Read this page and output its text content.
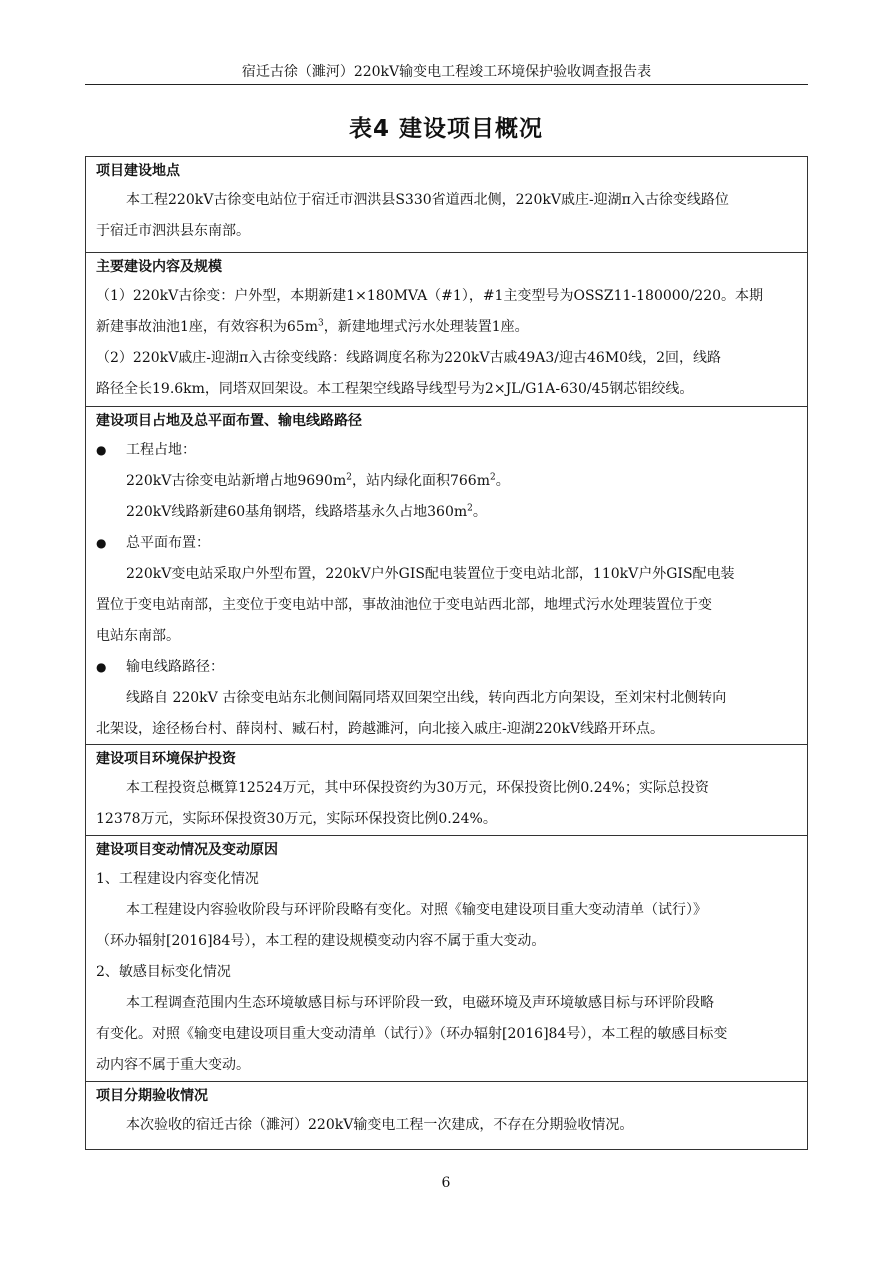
宿迁古徐（濉河）220kV输变电工程竣工环境保护验收调查报告表
表4 建设项目概况
项目建设地点

本工程220kV古徐变电站位于宿迁市泗洪县S330省道西北侧，220kV戚庄-迎湖π入古徐变线路位

于宿迁市泗洪县东南部。

主要建设内容及规模

（1）220kV古徐变：户外型，本期新建1×180MVA（#1），#1主变型号为OSSZ11-180000/220。本期

新建事故油池1座，有效容积为$65m^3$，新建地埋式污水处理装置1座。

（2）220kV戚庄-迎湖π入古徐变线路：线路调度名称为220kV古戚49A3/迎古46M0线，2回，线路

路径全长19.6km，同塔双回架设。本工程架空线路导线型号为2×JL/G1A-630/45钢芯铝绞线。

建设项目占地及总平面布置、输电线路路径
●	工程占地：

220kV古徐变电站新增占地$9690m^2$，站内绿化面积$766m^2$。

220kV线路新建60基角钢塔，线路塔基永久占地$360m^2$。

●	总平面布置：

220kV变电站采取户外型布置，220kV户外GIS配电装置位于变电站北部，110kV户外GIS配电装

置位于变电站南部，主变位于变电站中部，事故油池位于变电站西北部，地埋式污水处理装置位于变

电站东南部。

●	输电线路路径：

线路自 220kV 古徐变电站东北侧间隔同塔双回架空出线，转向西北方向架设，至刘宋村北侧转向

北架设，途径杨台村、薛岗村、臧石村，跨越濉河，向北接入戚庄-迎湖220kV线路开环点。

建设项目环境保护投资

本工程投资总概算12524万元，其中环保投资约为30万元，环保投资比例0.24%；实际总投资

12378万元，实际环保投资30万元，实际环保投资比例0.24%。

建设项目变动情况及变动原因

1、工程建设内容变化情况

本工程建设内容验收阶段与环评阶段略有变化。对照《输变电建设项目重大变动清单（试行）》

（环办辐射[2016]84号），本工程的建设规模变动内容不属于重大变动。

2、敏感目标变化情况

本工程调查范围内生态环境敏感目标与环评阶段一致，电磁环境及声环境敏感目标与环评阶段略

有变化。对照《输变电建设项目重大变动清单（试行）》（环办辐射[2016]84号），本工程的敏感目标变

动内容不属于重大变动。

项目分期验收情况

本次验收的宿迁古徐（濉河）220kV输变电工程一次建成，不存在分期验收情况。

6
